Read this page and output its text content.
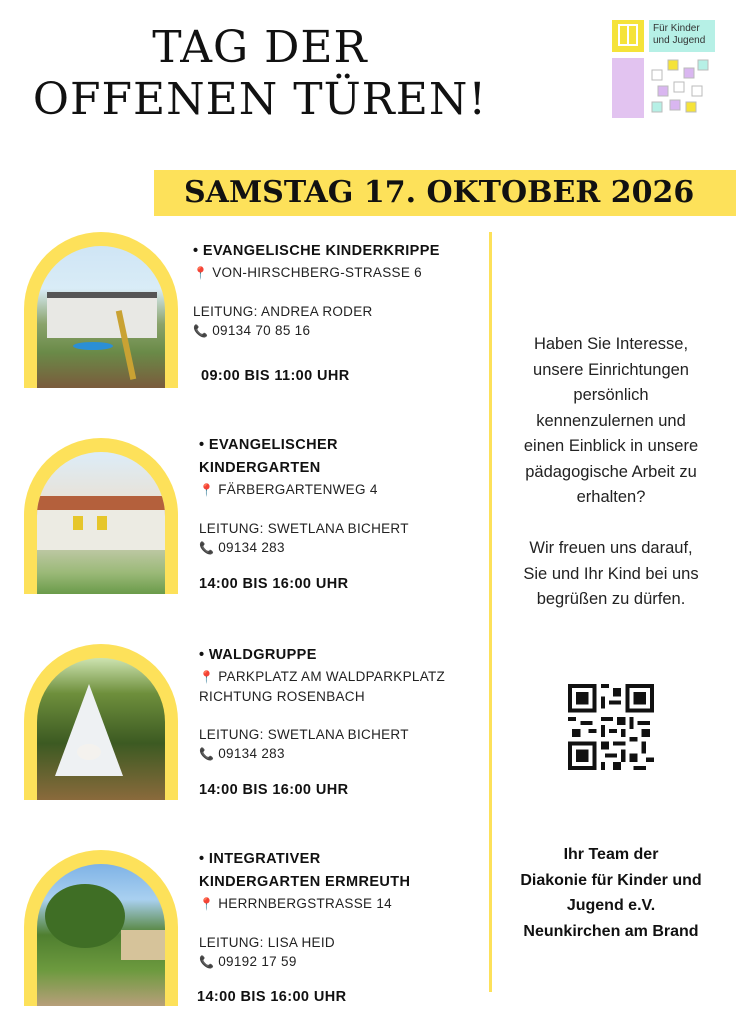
TAG DER
OFFENEN TÜREN!
Für Kinder und Jugend
SAMSTAG 17. OKTOBER 2026
• EVANGELISCHE KINDERKRIPPE
📍 VON-HIRSCHBERG-STRASSE 6
LEITUNG: ANDREA RODER
📞 09134 70 85 16
09:00 BIS 11:00 UHR
• EVANGELISCHER
KINDERGARTEN
📍 FÄRBERGARTENWEG 4
LEITUNG: SWETLANA BICHERT
📞 09134 283
14:00 BIS 16:00 UHR
• WALDGRUPPE
📍 PARKPLATZ AM WALDPARKPLATZ
RICHTUNG ROSENBACH
LEITUNG: SWETLANA BICHERT
📞 09134 283
14:00 BIS 16:00 UHR
• INTEGRATIVER
KINDERGARTEN ERMREUTH
📍 HERRNBERGSTRASSE 14
LEITUNG: LISA HEID
📞 09192 17 59
14:00 BIS 16:00 UHR
Haben Sie Interesse,
unsere Einrichtungen
persönlich
kennenzulernen und
einen Einblick in unsere
pädagogische Arbeit zu
erhalten?
Wir freuen uns darauf,
Sie und Ihr Kind bei uns
begrüßen zu dürfen.
Ihr Team der
Diakonie für Kinder und
Jugend e.V.
Neunkirchen am Brand
